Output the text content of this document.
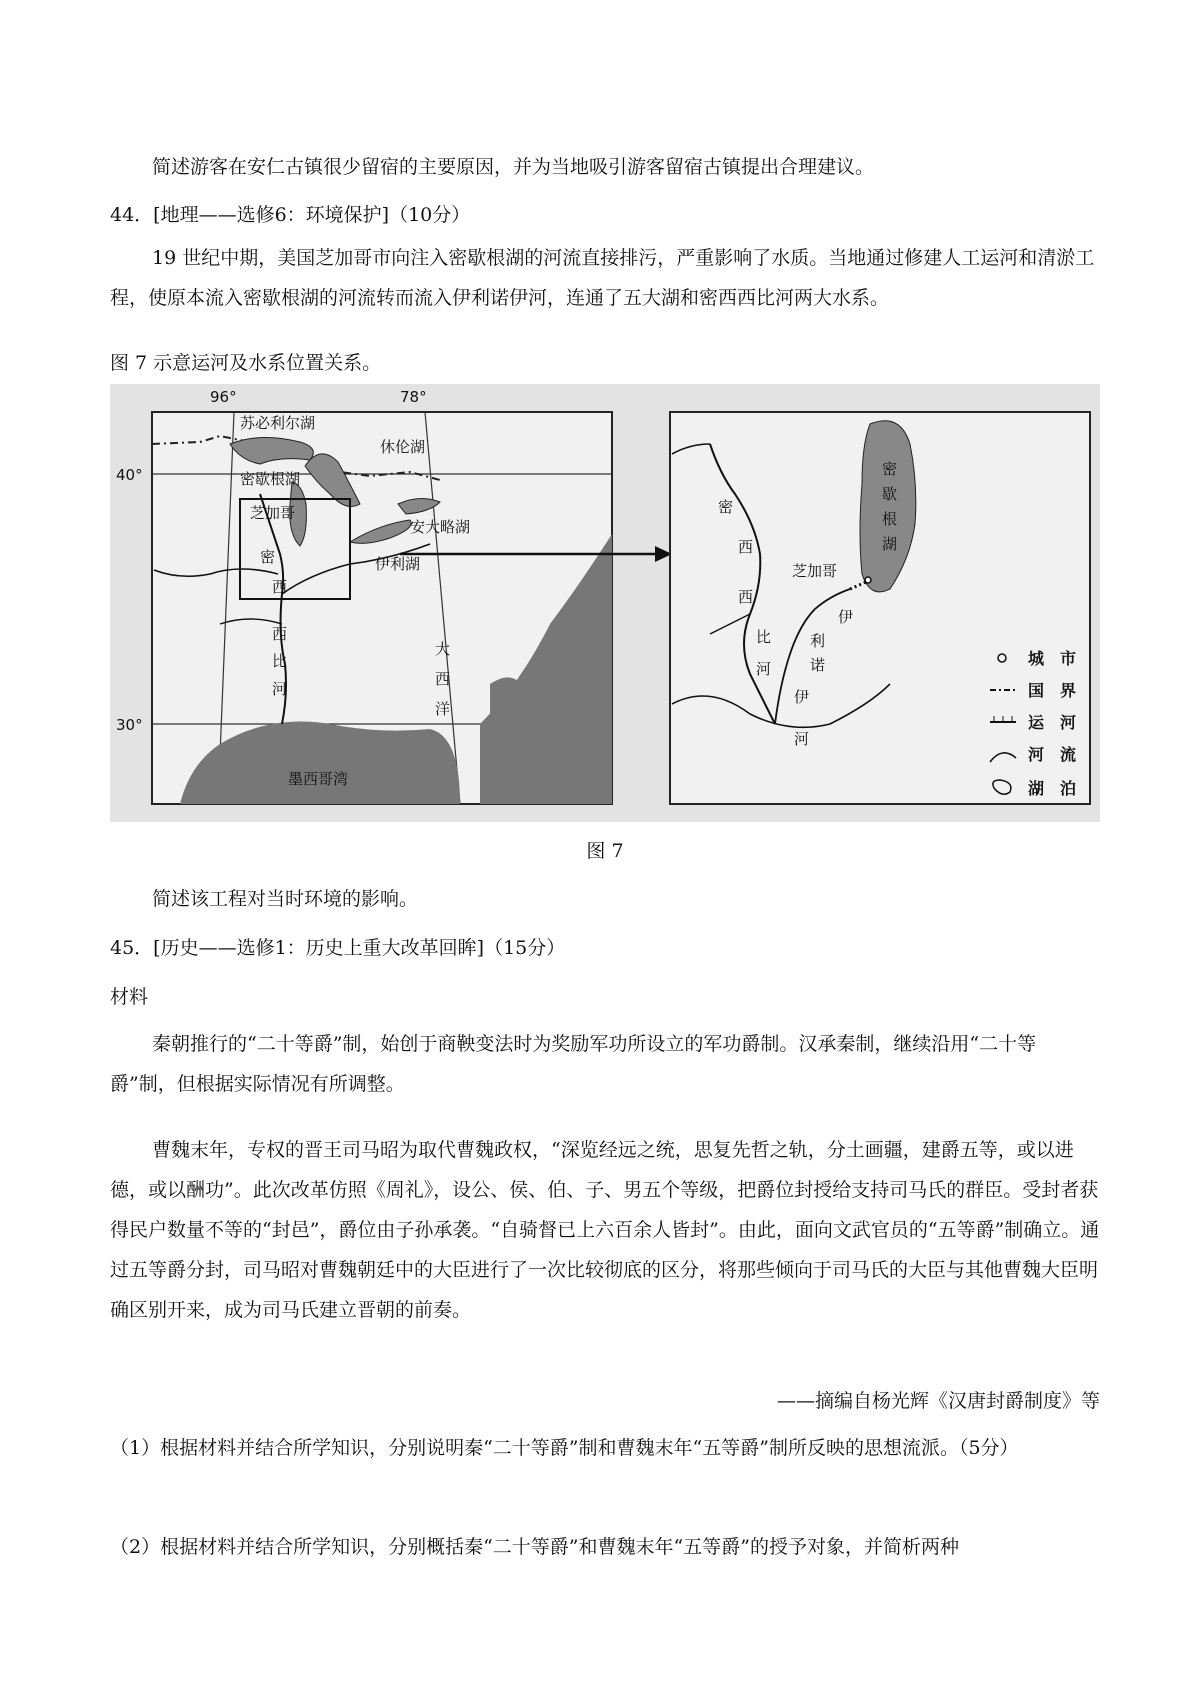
简述游客在安仁古镇很少留宿的主要原因，并为当地吸引游客留宿古镇提出合理建议。
44．[地理——选修6：环境保护]（10分）
19 世纪中期，美国芝加哥市向注入密歇根湖的河流直接排污，严重影响了水质。当地通过修建人工运河和清淤工程，使原本流入密歇根湖的河流转而流入伊利诺伊河，连通了五大湖和密西西比河两大水系。
图 7 示意运河及水系位置关系。
96°	78°
40°
30°
苏必利尔湖
休伦湖
密歇根湖
安大略湖
芝加哥
伊利湖
密
西
西
比
河
大
西
洋
墨西哥湾
密
西
西
比
河
密
歇
根
湖
芝加哥
伊
利
诺
伊
河
城　市
国　界
运　河
河　流
湖　泊
图 7
简述该工程对当时环境的影响。
45．[历史——选修1：历史上重大改革回眸]（15分）
材料
秦朝推行的“二十等爵”制，始创于商鞅变法时为奖励军功所设立的军功爵制。汉承秦制，继续沿用“二十等爵”制，但根据实际情况有所调整。
曹魏末年，专权的晋王司马昭为取代曹魏政权，“深览经远之统，思复先哲之轨，分土画疆，建爵五等，或以进德，或以酬功”。此次改革仿照《周礼》，设公、侯、伯、子、男五个等级，把爵位封授给支持司马氏的群臣。受封者获得民户数量不等的“封邑”，爵位由子孙承袭。“自骑督已上六百余人皆封”。由此，面向文武官员的“五等爵”制确立。通过五等爵分封，司马昭对曹魏朝廷中的大臣进行了一次比较彻底的区分，将那些倾向于司马氏的大臣与其他曹魏大臣明确区别开来，成为司马氏建立晋朝的前奏。
——摘编自杨光辉《汉唐封爵制度》等
（1）根据材料并结合所学知识，分别说明秦“二十等爵”制和曹魏末年“五等爵”制所反映的思想流派。（5分）
（2）根据材料并结合所学知识，分别概括秦“二十等爵”和曹魏末年“五等爵”的授予对象，并简析两种
